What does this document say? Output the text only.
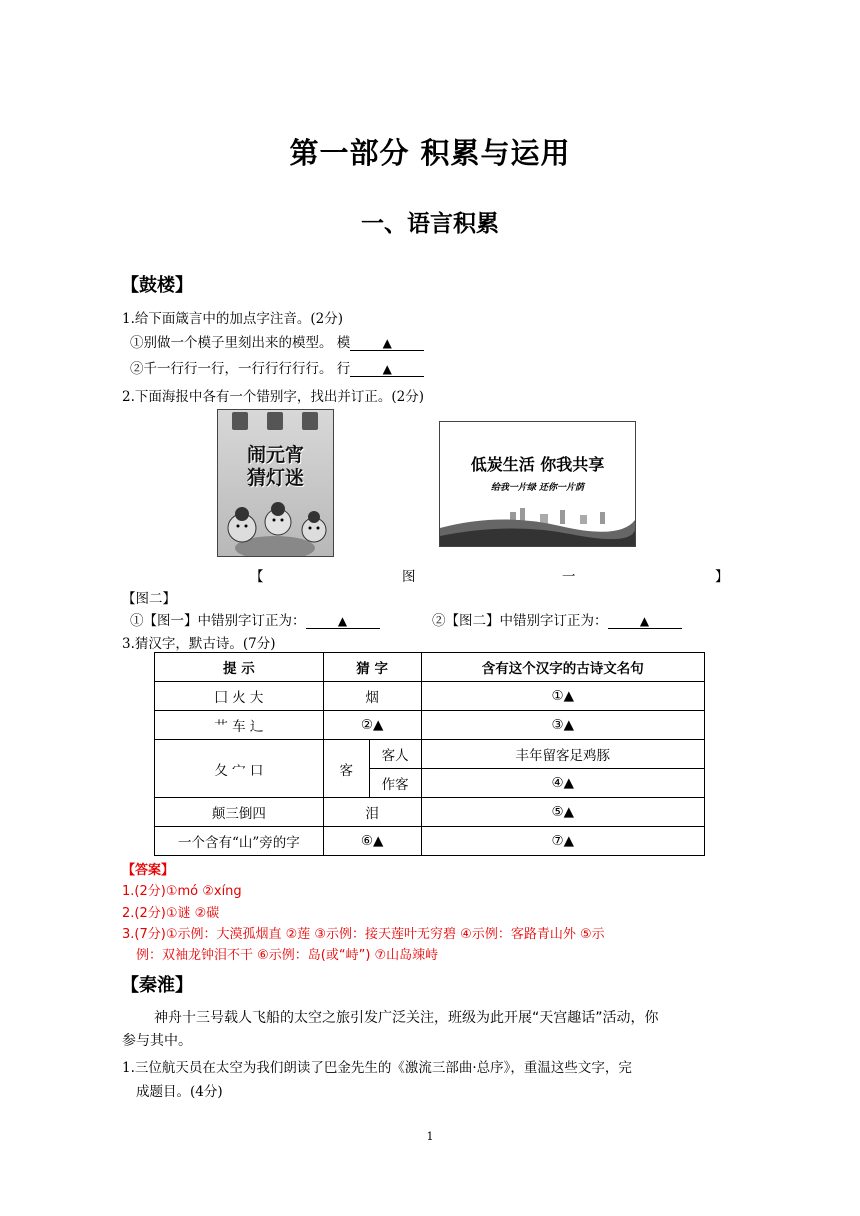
第一部分 积累与运用
一、语言积累
【鼓楼】
1.给下面箴言中的加点字注音。(2分)
①别做一个模子里刻出来的模型。 模	▲
②千一行行一行，一行行行行行。 行	▲
2.下面海报中各有一个错别字，找出并订正。(2分)
闹元宵
猜灯迷
低炭生活 你我共享
给我一片绿 还你一片荫
【	图	一	】
【图二】
①【图一】中错别字订正为：	▲	②【图二】中错别字订正为：	▲
3.猜汉字，默古诗。(7分)
提 示	猜 字		含有这个汉字的古诗文名句
囗 火 大	烟		①▲
艹 车 辶	②▲		③▲
夂 宀 口	客	客人	丰年留客足鸡豚
		作客	④▲
颠三倒四	泪		⑤▲
一个含有“山”旁的字	⑥▲		⑦▲
【答案】
1.(2分)①mó ②xíng
2.(2分)①谜 ②碳
3.(7分)①示例：大漠孤烟直 ②莲 ③示例：接天莲叶无穷碧 ④示例：客路青山外 ⑤示
例：双袖龙钟泪不干 ⑥示例：岛(或“峙”) ⑦山岛竦峙
【秦淮】
神舟十三号载人飞船的太空之旅引发广泛关注，班级为此开展“天宫趣话”活动，你
参与其中。
1.三位航天员在太空为我们朗读了巴金先生的《激流三部曲·总序》，重温这些文字，完
成题目。(4分)
1
